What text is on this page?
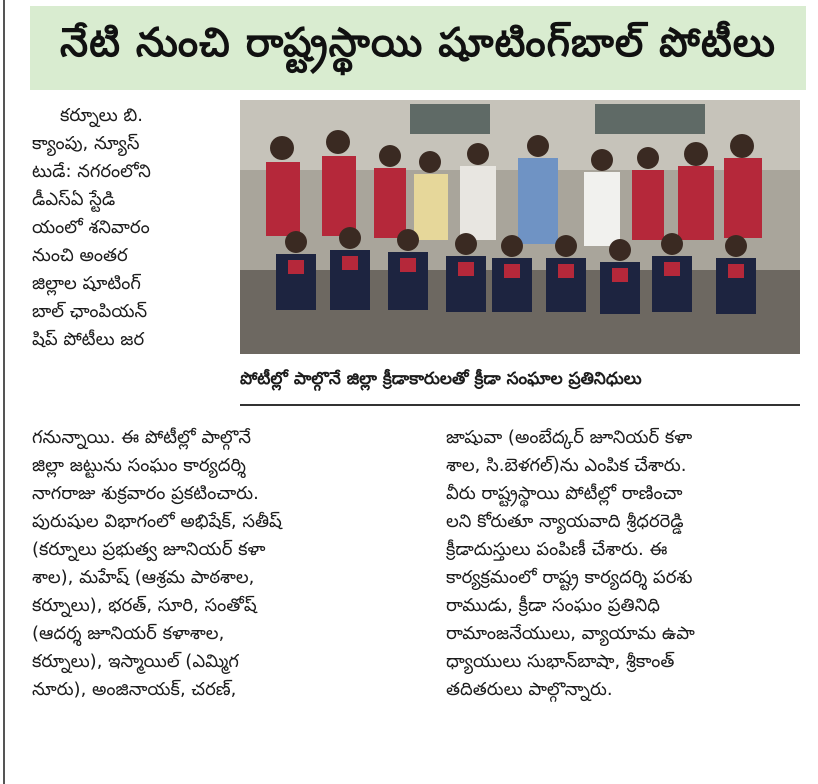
నేటి నుంచి రాష్ట్రస్థాయి షూటింగ్‌బాల్ పోటీలు
కర్నూలు బి.
క్యాంపు, న్యూస్
టుడే: నగరంలోని
డీఎస్ఏ స్టేడి
యంలో శనివారం
నుంచి అంతర
జిల్లాల షూటింగ్
బాల్ ఛాంపియన్
షిప్ పోటీలు జర
పోటీల్లో పాల్గొనే జిల్లా క్రీడాకారులతో క్రీడా సంఘాల ప్రతినిధులు
గనున్నాయి. ఈ పోటీల్లో పాల్గొనే
జిల్లా జట్టును సంఘం కార్యదర్శి
నాగరాజు శుక్రవారం ప్రకటించారు.
పురుషుల విభాగంలో అభిషేక్, సతీష్
(కర్నూలు ప్రభుత్వ జూనియర్ కళా
శాల), మహేష్ (ఆశ్రమ పాఠశాల,
కర్నూలు), భరత్, సూరి, సంతోష్
(ఆదర్శ జూనియర్ కళాశాల,
కర్నూలు), ఇస్మాయిల్ (ఎమ్మిగ
నూరు), అంజినాయక్, చరణ్,
జాషువా (అంబేద్కర్ జూనియర్ కళా
శాల, సి.బెళగల్)ను ఎంపిక చేశారు.
వీరు రాష్ట్రస్థాయి పోటీల్లో రాణించా
లని కోరుతూ న్యాయవాది శ్రీధరరెడ్డి
క్రీడాదుస్తులు పంపిణీ చేశారు. ఈ
కార్యక్రమంలో రాష్ట్ర కార్యదర్శి పరశు
రాముడు, క్రీడా సంఘం ప్రతినిధి
రామాంజనేయులు, వ్యాయామ ఉపా
ధ్యాయులు సుభాన్‌బాషా, శ్రీకాంత్
తదితరులు పాల్గొన్నారు.
